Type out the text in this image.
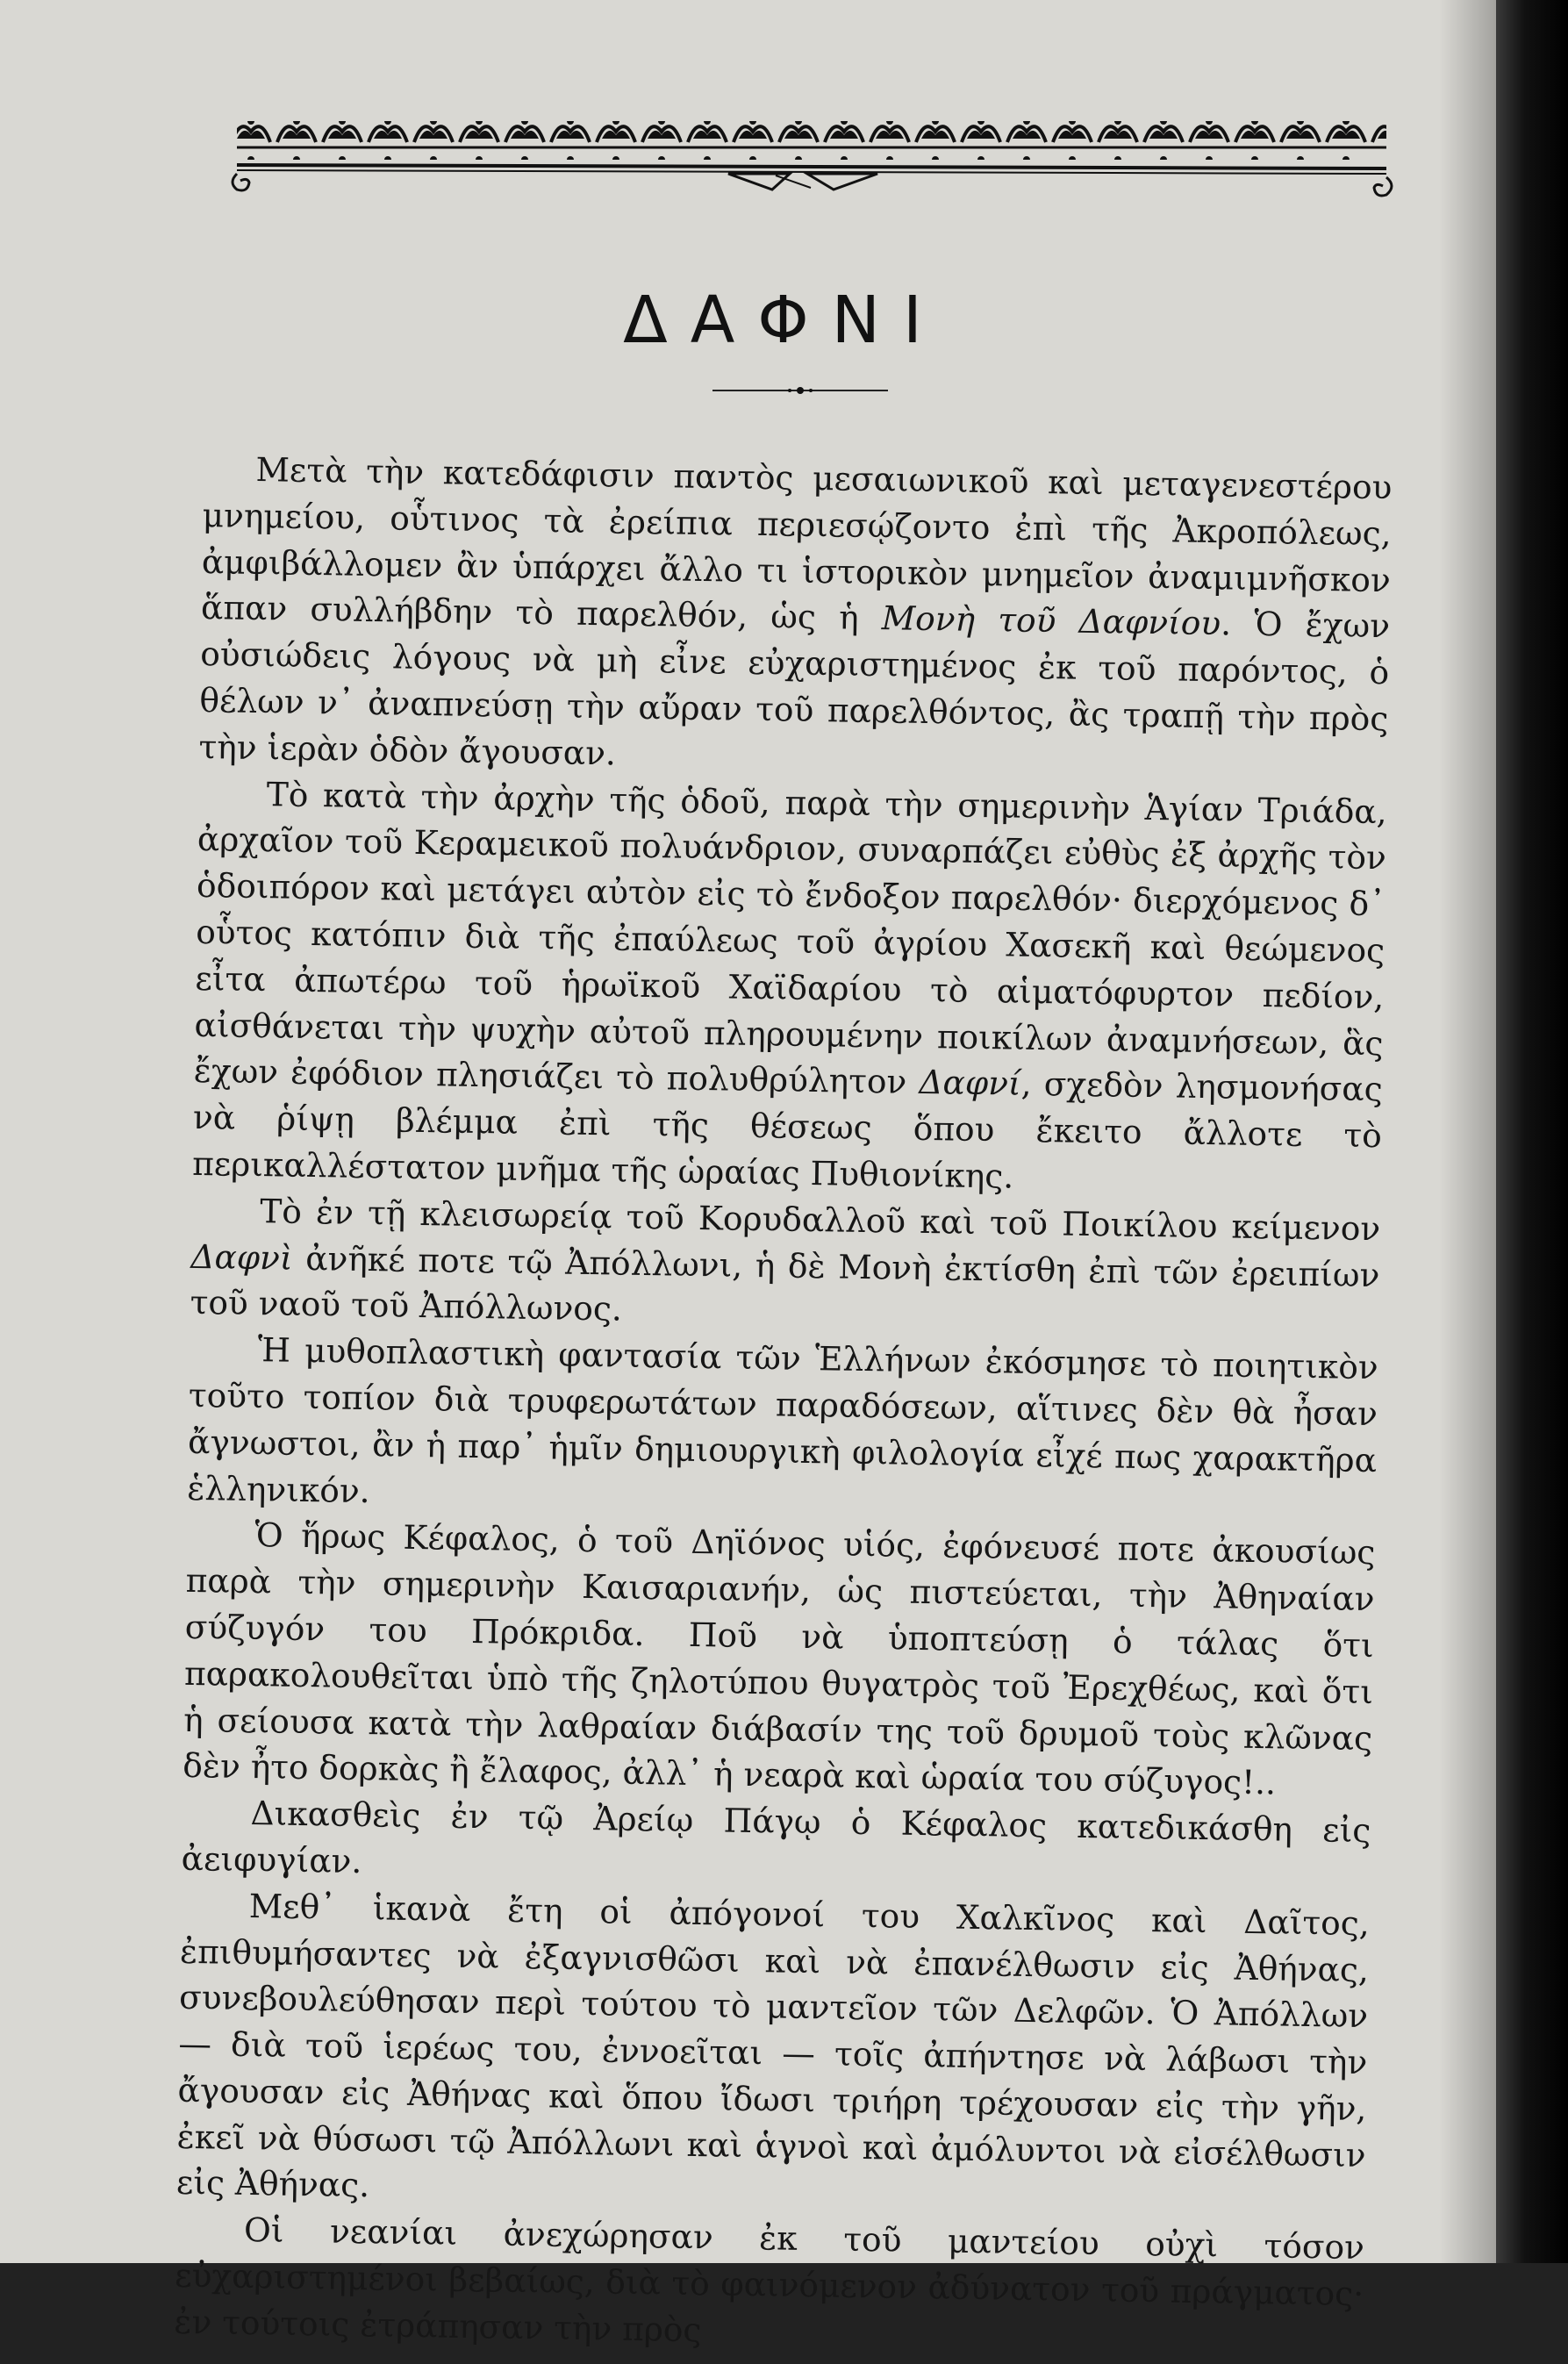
ΔΑΦΝΙ

Μετὰ τὴν κατεδάφισιν παντὸς μεσαιωνικοῦ καὶ μεταγενεστέρου μνημείου, οὗτινος τὰ ἐρείπια περιεσῴζοντο ἐπὶ τῆς Ἀκροπόλεως, ἀμφιβάλλομεν ἂν ὑπάρχει ἄλλο τι ἱστορικὸν μνημεῖον ἀναμιμνῆσκον ἅπαν συλλήβδην τὸ παρελθόν, ὡς ἡ Μονὴ τοῦ Δαφνίου. Ὁ ἔχων οὐσιώδεις λόγους νὰ μὴ εἶνε εὐχαριστημένος ἐκ τοῦ παρόντος, ὁ θέλων ν᾽ ἀναπνεύσῃ τὴν αὔραν τοῦ παρελθόντος, ἂς τραπῇ τὴν πρὸς τὴν ἱερὰν ὁδὸν ἄγουσαν.

Τὸ κατὰ τὴν ἀρχὴν τῆς ὁδοῦ, παρὰ τὴν σημερινὴν Ἁγίαν Τριάδα, ἀρχαῖον τοῦ Κεραμεικοῦ πολυάνδριον, συναρπάζει εὐθὺς ἐξ ἀρχῆς τὸν ὁδοιπόρον καὶ μετάγει αὐτὸν εἰς τὸ ἔνδοξον παρελθόν· διερχόμενος δ᾽ οὗτος κατόπιν διὰ τῆς ἐπαύλεως τοῦ ἀγρίου Χασεκῆ καὶ θεώμενος εἶτα ἀπωτέρω τοῦ ἡρωϊκοῦ Χαϊδαρίου τὸ αἱματόφυρτον πεδίον, αἰσθάνεται τὴν ψυχὴν αὐτοῦ πληρουμένην ποικίλων ἀναμνήσεων, ἃς ἔχων ἐφόδιον πλησιάζει τὸ πολυθρύλητον Δαφνί, σχεδὸν λησμονήσας νὰ ῥίψῃ βλέμμα ἐπὶ τῆς θέσεως ὅπου ἔκειτο ἄλλοτε τὸ περικαλλέστατον μνῆμα τῆς ὡραίας Πυθιονίκης.

Τὸ ἐν τῇ κλεισωρείᾳ τοῦ Κορυδαλλοῦ καὶ τοῦ Ποικίλου κείμενον Δαφνὶ ἀνῆκέ ποτε τῷ Ἀπόλλωνι, ἡ δὲ Μονὴ ἐκτίσθη ἐπὶ τῶν ἐρειπίων τοῦ ναοῦ τοῦ Ἀπόλλωνος.

Ἡ μυθοπλαστικὴ φαντασία τῶν Ἑλλήνων ἐκόσμησε τὸ ποιητικὸν τοῦτο τοπίον διὰ τρυφερωτάτων παραδόσεων, αἵτινες δὲν θὰ ἦσαν ἄγνωστοι, ἂν ἡ παρ᾽ ἡμῖν δημιουργικὴ φιλολογία εἶχέ πως χαρακτῆρα ἑλληνικόν.

Ὁ ἥρως Κέφαλος, ὁ τοῦ Δηϊόνος υἱός, ἐφόνευσέ ποτε ἀκουσίως παρὰ τὴν σημερινὴν Καισαριανήν, ὡς πιστεύεται, τὴν Ἀθηναίαν σύζυγόν του Πρόκριδα. Ποῦ νὰ ὑποπτεύσῃ ὁ τάλας ὅτι παρακολουθεῖται ὑπὸ τῆς ζηλοτύπου θυγατρὸς τοῦ Ἐρεχθέως, καὶ ὅτι ἡ σείουσα κατὰ τὴν λαθραίαν διάβασίν της τοῦ δρυμοῦ τοὺς κλῶνας δὲν ἦτο δορκὰς ἢ ἔλαφος, ἀλλ᾽ ἡ νεαρὰ καὶ ὡραία του σύζυγος!..

Δικασθεὶς ἐν τῷ Ἀρείῳ Πάγῳ ὁ Κέφαλος κατεδικάσθη εἰς ἀειφυγίαν.

Μεθ᾽ ἱκανὰ ἔτη οἱ ἀπόγονοί του Χαλκῖνος καὶ Δαῖτος, ἐπιθυμήσαντες νὰ ἐξαγνισθῶσι καὶ νὰ ἐπανέλθωσιν εἰς Ἀθήνας, συνεβουλεύθησαν περὶ τούτου τὸ μαντεῖον τῶν Δελφῶν. Ὁ Ἀπόλλων — διὰ τοῦ ἱερέως του, ἐννοεῖται — τοῖς ἀπήντησε νὰ λάβωσι τὴν ἄγουσαν εἰς Ἀθήνας καὶ ὅπου ἴδωσι τριήρη τρέχουσαν εἰς τὴν γῆν, ἐκεῖ νὰ θύσωσι τῷ Ἀπόλλωνι καὶ ἁγνοὶ καὶ ἀμόλυντοι νὰ εἰσέλθωσιν εἰς Ἀθήνας.

Οἱ νεανίαι ἀνεχώρησαν ἐκ τοῦ μαντείου οὐχὶ τόσον εὐχαριστημένοι βεβαίως, διὰ τὸ φαινόμενον ἀδύνατον τοῦ πράγματος· ἐν τούτοις ἐτράπησαν τὴν πρὸς
